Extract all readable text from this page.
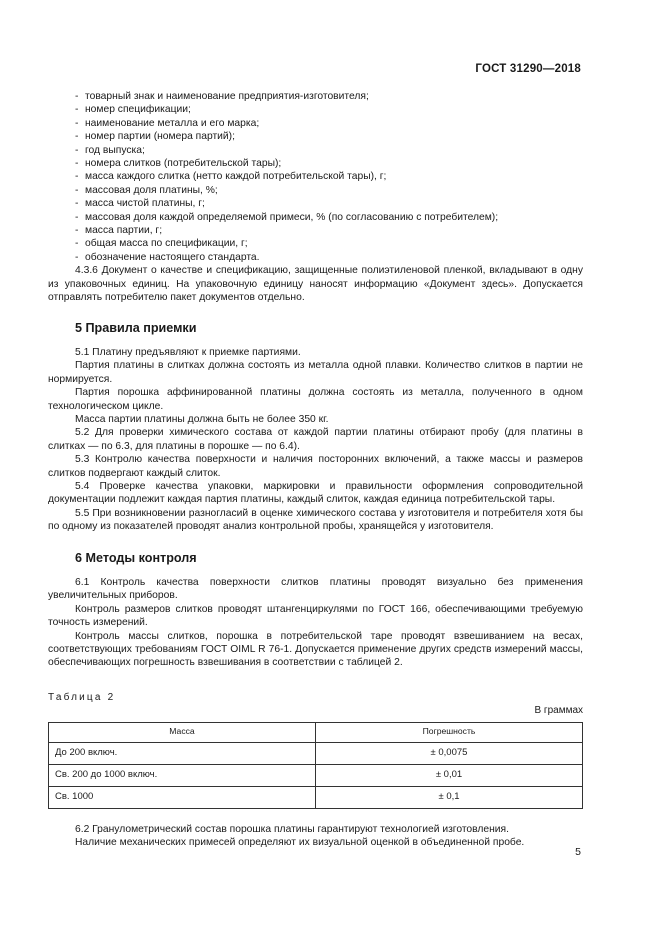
ГОСТ 31290—2018
- товарный знак и наименование предприятия-изготовителя;
- номер спецификации;
- наименование металла и его марка;
- номер партии (номера партий);
- год выпуска;
- номера слитков (потребительской тары);
- масса каждого слитка (нетто каждой потребительской тары), г;
- массовая доля платины, %;
- масса чистой платины, г;
- массовая доля каждой определяемой примеси, % (по согласованию с потребителем);
- масса партии, г;
- общая масса по спецификации, г;
- обозначение настоящего стандарта.

4.3.6 Документ о качестве и спецификацию, защищенные полиэтиленовой пленкой, вкладывают в одну из упаковочных единиц. На упаковочную единицу наносят информацию «Документ здесь». Допускается отправлять потребителю пакет документов отдельно.

5 Правила приемки

5.1 Платину предъявляют к приемке партиями.

Партия платины в слитках должна состоять из металла одной плавки. Количество слитков в партии не нормируется.

Партия порошка аффинированной платины должна состоять из металла, полученного в одном технологическом цикле.

Масса партии платины должна быть не более 350 кг.

5.2 Для проверки химического состава от каждой партии платины отбирают пробу (для платины в слитках — по 6.3, для платины в порошке — по 6.4).

5.3 Контролю качества поверхности и наличия посторонних включений, а также массы и размеров слитков подвергают каждый слиток.

5.4 Проверке качества упаковки, маркировки и правильности оформления сопроводительной документации подлежит каждая партия платины, каждый слиток, каждая единица потребительской тары.

5.5 При возникновении разногласий в оценке химического состава у изготовителя и потребителя хотя бы по одному из показателей проводят анализ контрольной пробы, хранящейся у изготовителя.

6 Методы контроля

6.1 Контроль качества поверхности слитков платины проводят визуально без применения увеличительных приборов.

Контроль размеров слитков проводят штангенциркулями по ГОСТ 166, обеспечивающими требуемую точность измерений.

Контроль массы слитков, порошка в потребительской таре проводят взвешиванием на весах, соответствующих требованиям ГОСТ OIML R 76-1. Допускается применение других средств измерений массы, обеспечивающих погрешность взвешивания в соответствии с таблицей 2.

Таблица 2
В граммах
Масса	Погрешность
До 200 включ.	± 0,0075
Св. 200 до 1000 включ.	± 0,01
Св. 1000	± 0,1

6.2 Гранулометрический состав порошка платины гарантируют технологией изготовления.

Наличие механических примесей определяют их визуальной оценкой в объединенной пробе.

5
